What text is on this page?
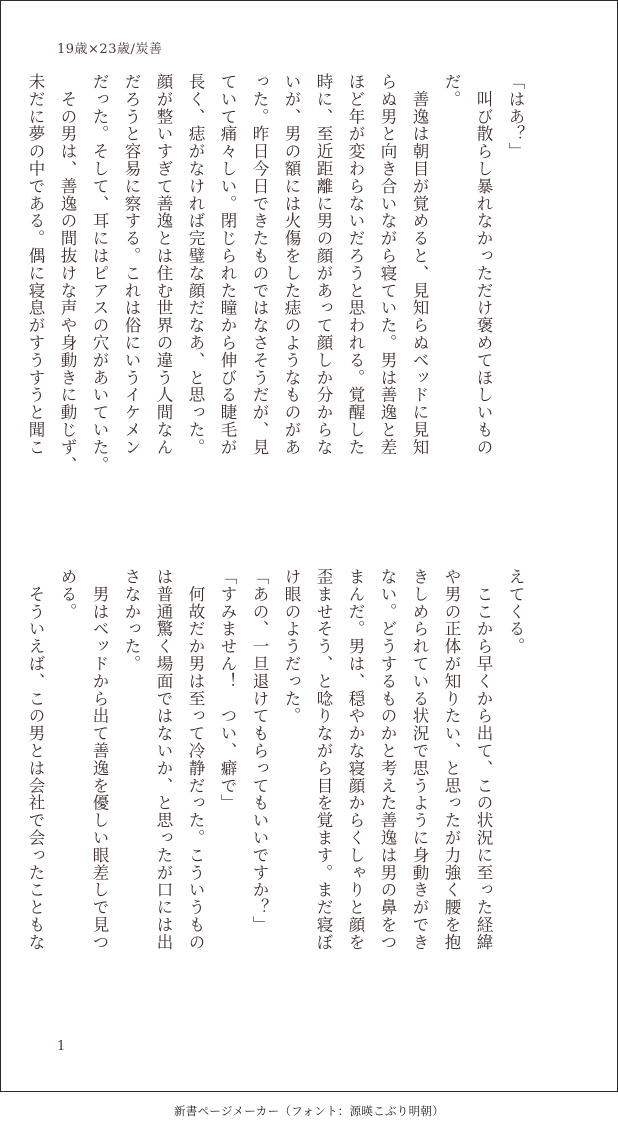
19歳×23歳/炭善

「はあ？」

　叫び散らし暴れなかっただけ褒めてほしいもの

だ。

　善逸は朝目が覚めると、見知らぬベッドに見知

らぬ男と向き合いながら寝ていた。男は善逸と差

ほど年が変わらないだろうと思われる。覚醒した

時に、至近距離に男の顔があって顔しか分からな

いが、男の額には火傷をした痣のようなものがあ

った。昨日今日できたものではなさそうだが、見

ていて痛々しい。閉じられた瞳から伸びる睫毛が

長く、痣がなければ完璧な顔だなあ、と思った。

顔が整いすぎて善逸とは住む世界の違う人間なん

だろうと容易に察する。これは俗にいうイケメン

だった。そして、耳にはピアスの穴があいていた。

　その男は、善逸の間抜けな声や身動きに動じず、

未だに夢の中である。偶に寝息がすうすうと聞こ

えてくる。

　ここから早くから出て、この状況に至った経緯

や男の正体が知りたい、と思ったが力強く腰を抱

きしめられている状況で思うように身動きができ

ない。どうするものかと考えた善逸は男の鼻をつ

まんだ。男は、穏やかな寝顔からくしゃりと顔を

歪ませそう、と唸りながら目を覚ます。まだ寝ぼ

け眼のようだった。

「あの、一旦退けてもらってもいいですか？」

「すみません！　つい、癖で」

　何故だか男は至って冷静だった。こういうもの

は普通驚く場面ではないか、と思ったが口には出

さなかった。

　男はベッドから出て善逸を優しい眼差しで見つ

める。

　そういえば、この男とは会社で会ったこともな

1
新書ページメーカー（フォント：源暎こぶり明朝）
